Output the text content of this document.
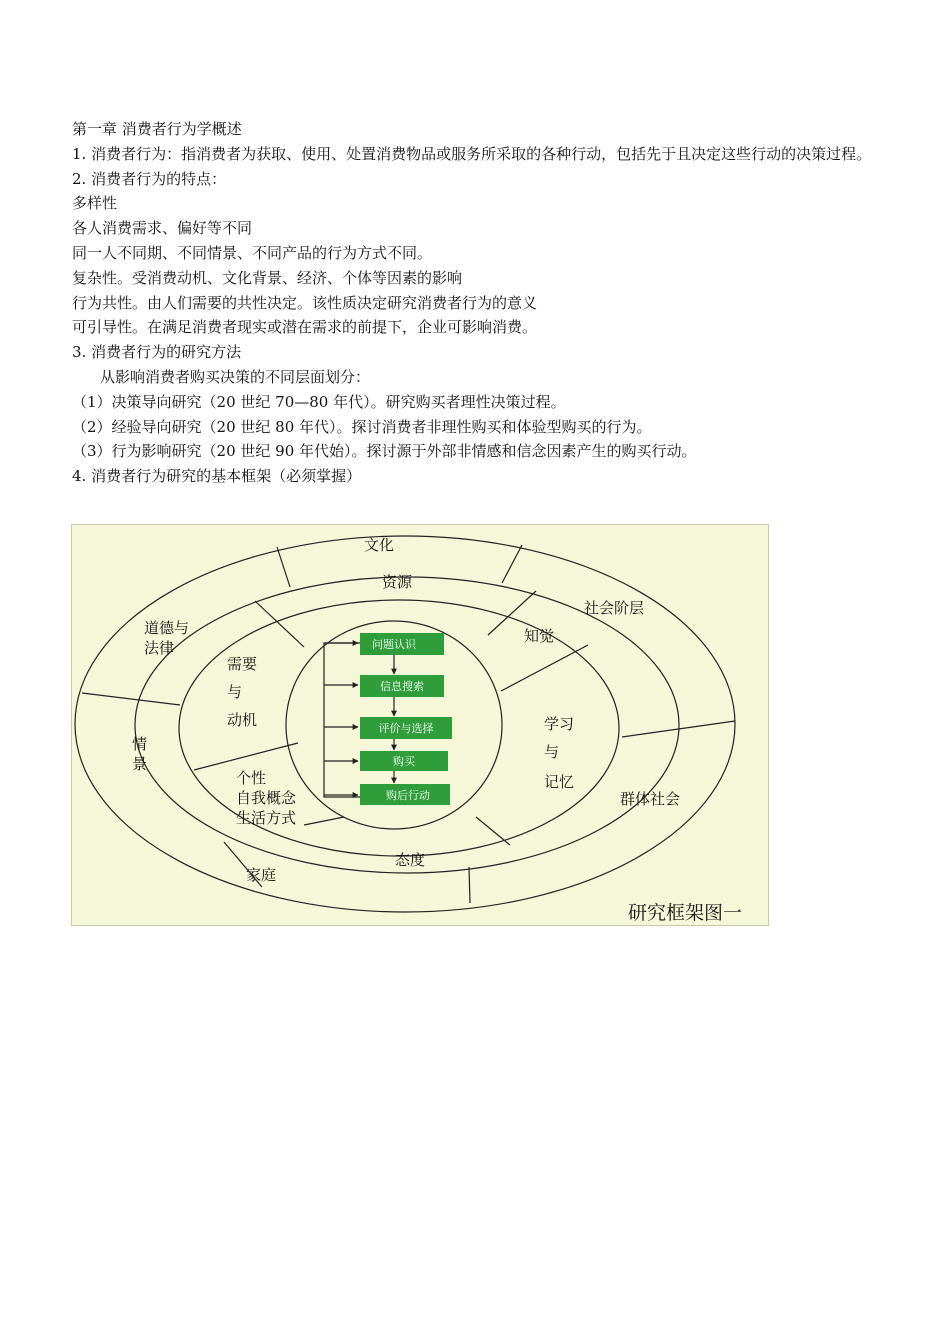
第一章 消费者行为学概述
1. 消费者行为：指消费者为获取、使用、处置消费物品或服务所采取的各种行动，包括先于且决定这些行动的决策过程。
2. 消费者行为的特点：
多样性
各人消费需求、偏好等不同
同一人不同期、不同情景、不同产品的行为方式不同。
复杂性。受消费动机、文化背景、经济、个体等因素的影响
行为共性。由人们需要的共性决定。该性质决定研究消费者行为的意义
可引导性。在满足消费者现实或潜在需求的前提下，企业可影响消费。
3. 消费者行为的研究方法
从影响消费者购买决策的不同层面划分：
（1）决策导向研究（20 世纪 70—80 年代）。研究购买者理性决策过程。
（2）经验导向研究（20 世纪 80 年代）。探讨消费者非理性购买和体验型购买的行为。
（3）行为影响研究（20 世纪 90 年代始）。探讨源于外部非情感和信念因素产生的购买行动。
4. 消费者行为研究的基本框架（必须掌握）
问题认识
信息搜索
评价与选择
购买
购后行动
文化
道德与
法律
社会阶层
情
景
群体社会
家庭
资源
知觉
需要
与
动机	学习
与
记忆
个性
自我概念
生活方式
态度
研究框架图一
